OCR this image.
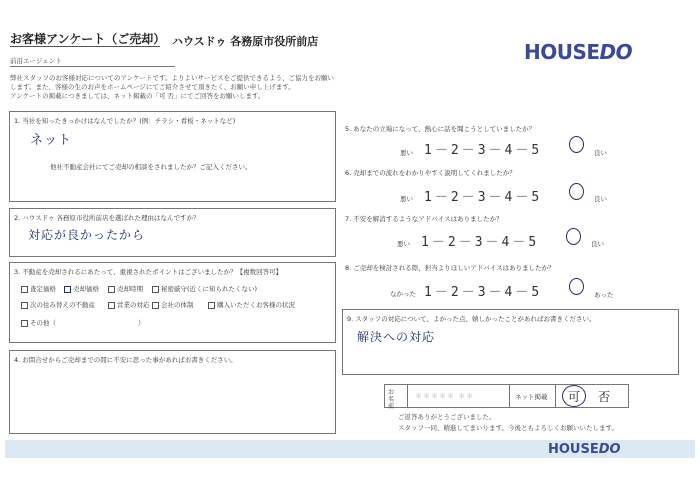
お客様アンケート（ご売却） ハウスドゥ 各務原市役所前店
前沿エージェント	HOUSEDO
弊社スタッフのお客様対応についてのアンケートです。よりよいサービスをご提供できるよう、ご協力をお願い
します。また、客様の生のお声をホームページにてご紹介させて頂きたく、お願い申し上げます。
アンケートの掲載につきましては、ネット掲載の「可 否」にてご回答をお願いします。
1. 当社を知ったきっかけはなんでしたか？(例：チラシ・看板・ネットなど)
ネット
他社不動産会社にてご売却の相談をされましたか？ご記入ください。
2. ハウスドゥ 各務原市役所前店を選ばれた理由はなんですか？
対応が良かったから
3. 不動産を売却されるにあたって、重視されたポイントはございましたか？【複数回答可】
査定価格	売却価格	売却時期	秘密厳守(近くに知られたくない)
次の住み替えの不動産	営業の対応	会社の体制	購入いただくお客様の状況
その他（	）
4. お問合せからご売却までの間に不安に思った事があればお書きください。
5. あなたの立場になって、熱心に話を聞こうとしていましたか？
悪い 1－2－3－4－5	良い
6. 売却までの流れをわかりやすく説明してくれましたか？
悪い 1－2－3－4－5	良い
7. 不安を解消するようなアドバイスはありましたか？
悪い 1－2－3－4－5	良い
8. ご売却を検討される際、担当よりほしいアドバイスはありましたか？
なかった 1－2－3－4－5	あった
9. スタッフの対応について、よかった点、嬉しかったことがあればお書きください。
解決への対応
お名前
＊＊＊＊＊ ＊＊	ネット掲載 可 否
ご返答ありがとうございました。
スタッフ一同、精進してまいります。今後ともよろしくお願いいたします。
HOUSEDO
